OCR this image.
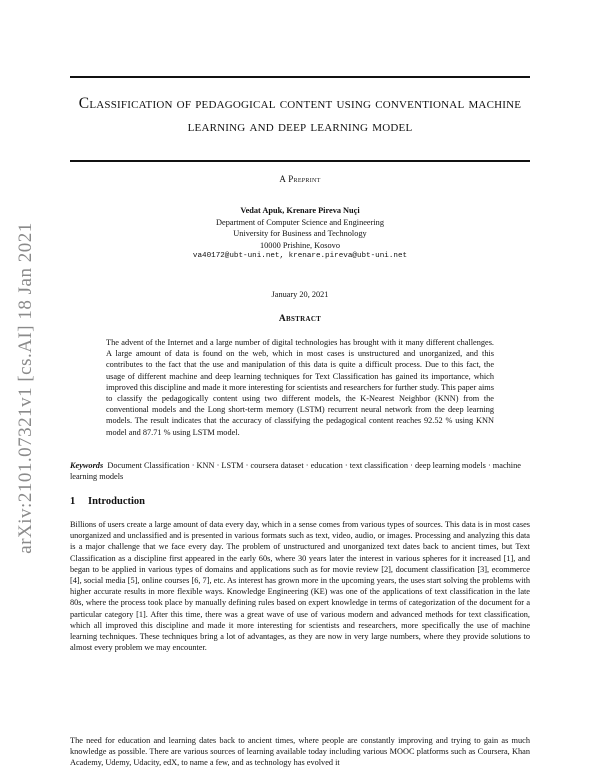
arXiv:2101.07321v1 [cs.AI] 18 Jan 2021
Classification of pedagogical content using conventional machine learning and deep learning model
A Preprint
Vedat Apuk, Krenare Pireva Nuçi
Department of Computer Science and Engineering
University for Business and Technology
10000 Prishine, Kosovo
va40172@ubt-uni.net, krenare.pireva@ubt-uni.net
January 20, 2021
Abstract
The advent of the Internet and a large number of digital technologies has brought with it many different challenges. A large amount of data is found on the web, which in most cases is unstructured and unorganized, and this contributes to the fact that the use and manipulation of this data is quite a difficult process. Due to this fact, the usage of different machine and deep learning techniques for Text Classification has gained its importance, which improved this discipline and made it more interesting for scientists and researchers for further study. This paper aims to classify the pedagogically content using two different models, the K-Nearest Neighbor (KNN) from the conventional models and the Long short-term memory (LSTM) recurrent neural network from the deep learning models. The result indicates that the accuracy of classifying the pedagogical content reaches 92.52 % using KNN model and 87.71 % using LSTM model.
Keywords Document Classification · KNN · LSTM · coursera dataset · education · text classification · deep learning models · machine learning models
1 Introduction
Billions of users create a large amount of data every day, which in a sense comes from various types of sources. This data is in most cases unorganized and unclassified and is presented in various formats such as text, video, audio, or images. Processing and analyzing this data is a major challenge that we face every day. The problem of unstructured and unorganized text dates back to ancient times, but Text Classification as a discipline first appeared in the early 60s, where 30 years later the interest in various spheres for it increased [1], and began to be applied in various types of domains and applications such as for movie review [2], document classification [3], ecommerce [4], social media [5], online courses [6, 7], etc. As interest has grown more in the upcoming years, the uses start solving the problems with higher accurate results in more flexible ways. Knowledge Engineering (KE) was one of the applications of text classification in the late 80s, where the process took place by manually defining rules based on expert knowledge in terms of categorization of the document for a particular category [1]. After this time, there was a great wave of use of various modern and advanced methods for text classification, which all improved this discipline and made it more interesting for scientists and researchers, more specifically the use of machine learning techniques. These techniques bring a lot of advantages, as they are now in very large numbers, where they provide solutions to almost every problem we may encounter.
The need for education and learning dates back to ancient times, where people are constantly improving and trying to gain as much knowledge as possible. There are various sources of learning available today including various MOOC platforms such as Coursera, Khan Academy, Udemy, Udacity, edX, to name a few, and as technology has evolved it
